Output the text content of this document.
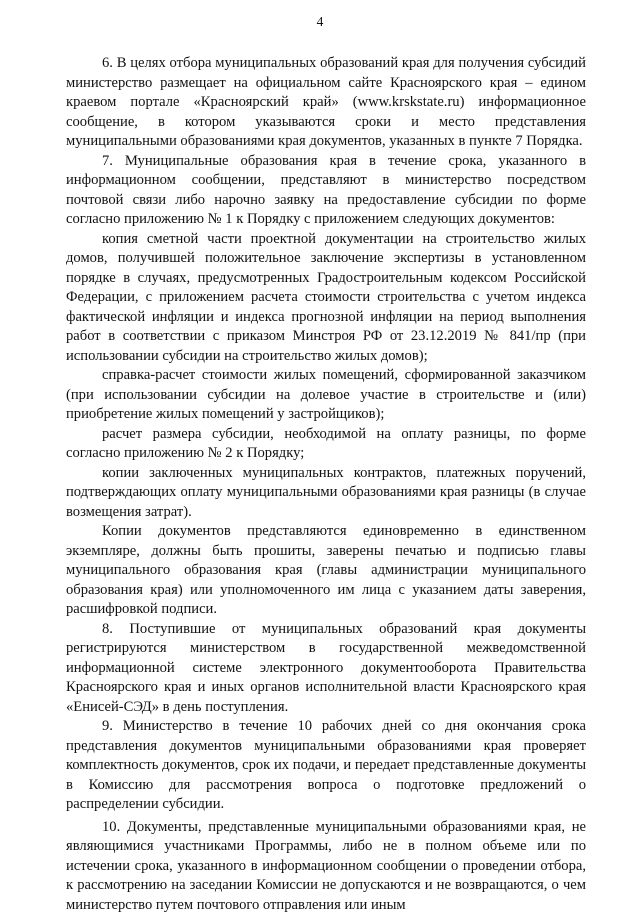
4

6. В целях отбора муниципальных образований края для получения субсидий министерство размещает на официальном сайте Красноярского края – едином краевом портале «Красноярский край» (www.krskstate.ru) информационное сообщение, в котором указываются сроки и место представления муниципальными образованиями края документов, указанных в пункте 7 Порядка.

7. Муниципальные образования края в течение срока, указанного в информационном сообщении, представляют в министерство посредством почтовой связи либо нарочно заявку на предоставление субсидии по форме согласно приложению № 1 к Порядку с приложением следующих документов:

копия сметной части проектной документации на строительство жилых домов, получившей положительное заключение экспертизы в установленном порядке в случаях, предусмотренных Градостроительным кодексом Российской Федерации, с приложением расчета стоимости строительства с учетом индекса фактической инфляции и индекса прогнозной инфляции на период выполнения работ в соответствии с приказом Минстроя РФ от 23.12.2019 № 841/пр (при использовании субсидии на строительство жилых домов);

справка-расчет стоимости жилых помещений, сформированной заказчиком (при использовании субсидии на долевое участие в строительстве и (или) приобретение жилых помещений у застройщиков);

расчет размера субсидии, необходимой на оплату разницы, по форме согласно приложению № 2 к Порядку;

копии заключенных муниципальных контрактов, платежных поручений, подтверждающих оплату муниципальными образованиями края разницы (в случае возмещения затрат).

Копии документов представляются единовременно в единственном экземпляре, должны быть прошиты, заверены печатью и подписью главы муниципального образования края (главы администрации муниципального образования края) или уполномоченного им лица с указанием даты заверения, расшифровкой подписи.

8. Поступившие от муниципальных образований края документы регистрируются министерством в государственной межведомственной информационной системе электронного документооборота Правительства Красноярского края и иных органов исполнительной власти Красноярского края «Енисей-СЭД» в день поступления.

9. Министерство в течение 10 рабочих дней со дня окончания срока представления документов муниципальными образованиями края проверяет комплектность документов, срок их подачи, и передает представленные документы в Комиссию для рассмотрения вопроса о подготовке предложений о распределении субсидии.

10. Документы, представленные муниципальными образованиями края, не являющимися участниками Программы, либо не в полном объеме или по истечении срока, указанного в информационном сообщении о проведении отбора, к рассмотрению на заседании Комиссии не допускаются и не возвращаются, о чем министерство путем почтового отправления или иным
